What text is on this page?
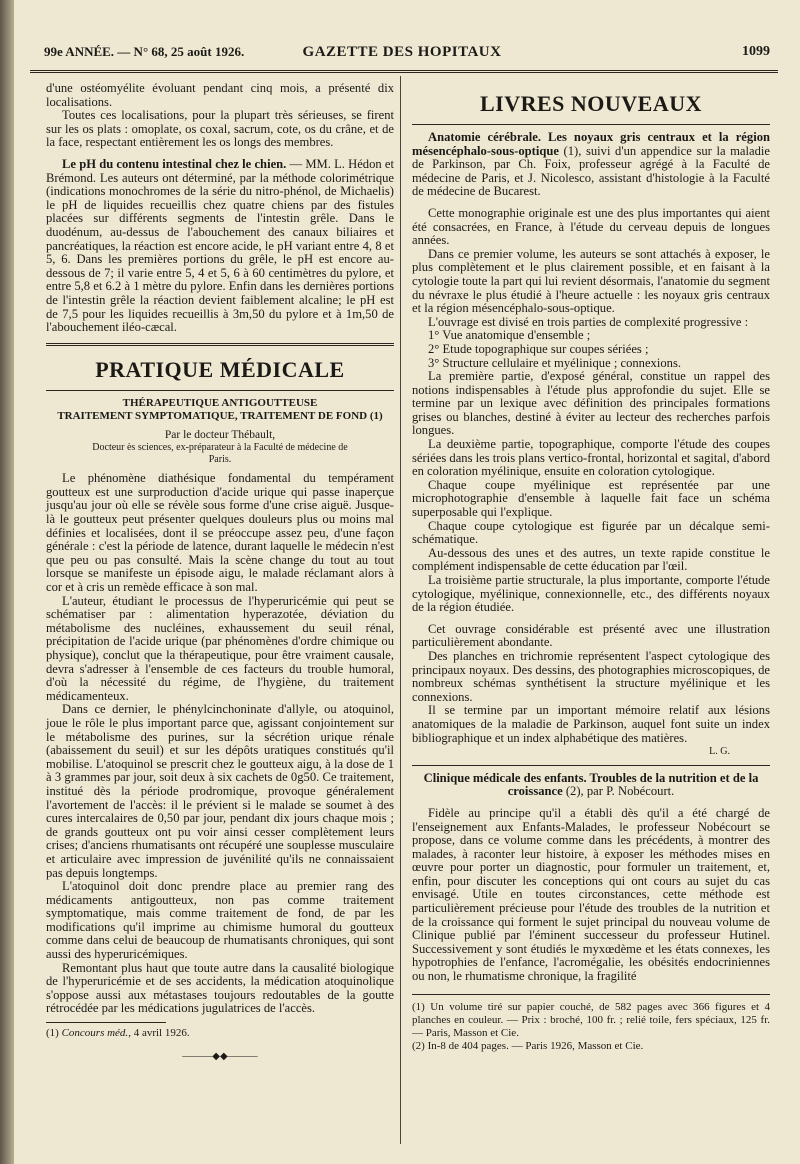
99e ANNÉE. — N° 68, 25 août 1926.	GAZETTE DES HOPITAUX	1099

d'une ostéomyélite évoluant pendant cinq mois, a présenté dix localisations.

Toutes ces localisations, pour la plupart très sérieuses, se firent sur les os plats : omoplate, os coxal, sacrum, cote, os du crâne, et de la face, respectant entièrement les os longs des membres.

Le pH du contenu intestinal chez le chien. — MM. L. Hédon et Brémond. Les auteurs ont déterminé, par la méthode colorimétrique (indications monochromes de la série du nitro-phénol, de Michaelis) le pH de liquides recueillis chez quatre chiens par des fistules placées sur différents segments de l'intestin grêle. Dans le duodénum, au-dessus de l'abouchement des canaux biliaires et pancréatiques, la réaction est encore acide, le pH variant entre 4, 8 et 5, 6. Dans les premières portions du grêle, le pH est encore au-dessous de 7; il varie entre 5, 4 et 5, 6 à 60 centimètres du pylore, et entre 5,8 et 6.2 à 1 mètre du pylore. Enfin dans les dernières portions de l'intestin grêle la réaction devient faiblement alcaline; le pH est de 7,5 pour les liquides recueillis à 3m,50 du pylore et à 1m,50 de l'abouchement iléo-cæcal.

PRATIQUE MÉDICALE
THÉRAPEUTIQUE ANTIGOUTTEUSE
TRAITEMENT SYMPTOMATIQUE, TRAITEMENT DE FOND (1)
Par le docteur Thébault,
Docteur ès sciences, ex-préparateur à la Faculté de médecine de Paris.

Le phénomène diathésique fondamental du tempérament goutteux est une surproduction d'acide urique qui passe inaperçue jusqu'au jour où elle se révèle sous forme d'une crise aiguë. Jusque-là le goutteux peut présenter quelques douleurs plus ou moins mal définies et localisées, dont il se préoccupe assez peu, d'une façon générale : c'est la période de latence, durant laquelle le médecin n'est que peu ou pas consulté. Mais la scène change du tout au tout lorsque se manifeste un épisode aigu, le malade réclamant alors à cor et à cris un remède efficace à son mal.

L'auteur, étudiant le processus de l'hyperuricémie qui peut se schématiser par : alimentation hyperazotée, déviation du métabolisme des nucléines, exhaussement du seuil rénal, précipitation de l'acide urique (par phénomènes d'ordre chimique ou physique), conclut que la thérapeutique, pour être vraiment causale, devra s'adresser à l'ensemble de ces facteurs du trouble humoral, d'où la nécessité du régime, de l'hygiène, du traitement médicamenteux.

Dans ce dernier, le phénylcinchoninate d'allyle, ou atoquinol, joue le rôle le plus important parce que, agissant conjointement sur le métabolisme des purines, sur la sécrétion urique rénale (abaissement du seuil) et sur les dépôts uratiques constitués qu'il mobilise. L'atoquinol se prescrit chez le goutteux aigu, à la dose de 1 à 3 grammes par jour, soit deux à six cachets de 0g50. Ce traitement, institué dès la période prodromique, provoque généralement l'avortement de l'accès: il le prévient si le malade se soumet à des cures intercalaires de 0,50 par jour, pendant dix jours chaque mois ; de grands goutteux ont pu voir ainsi cesser complètement leurs crises; d'anciens rhumatisants ont récupéré une souplesse musculaire et articulaire avec impression de juvénilité qu'ils ne connaissaient pas depuis longtemps.

L'atoquinol doit donc prendre place au premier rang des médicaments antigoutteux, non pas comme traitement symptomatique, mais comme traitement de fond, de par les modifications qu'il imprime au chimisme humoral du goutteux comme dans celui de beaucoup de rhumatisants chroniques, qui sont aussi des hyperuricémiques.

Remontant plus haut que toute autre dans la causalité biologique de l'hyperuricémie et de ses accidents, la médication atoquinolique s'oppose aussi aux métastases toujours redoutables de la goutte rétrocédée par les médications jugulatrices de l'accès.

(1) Concours méd., 4 avril 1926.

———◆◆———
LIVRES NOUVEAUX

Anatomie cérébrale. Les noyaux gris centraux et la région mésencéphalo-sous-optique (1), suivi d'un appendice sur la maladie de Parkinson, par Ch. Foix, professeur agrégé à la Faculté de médecine de Paris, et J. Nicolesco, assistant d'histologie à la Faculté de médecine de Bucarest.

Cette monographie originale est une des plus importantes qui aient été consacrées, en France, à l'étude du cerveau depuis de longues années.

Dans ce premier volume, les auteurs se sont attachés à exposer, le plus complètement et le plus clairement possible, et en faisant à la cytologie toute la part qui lui revient désormais, l'anatomie du segment du névraxe le plus étudié à l'heure actuelle : les noyaux gris centraux et la région mésencéphalo-sous-optique.

L'ouvrage est divisé en trois parties de complexité progressive :

1° Vue anatomique d'ensemble ;

2° Etude topographique sur coupes sériées ;

3° Structure cellulaire et myélinique ; connexions.

La première partie, d'exposé général, constitue un rappel des notions indispensables à l'étude plus approfondie du sujet. Elle se termine par un lexique avec définition des principales formations grises ou blanches, destiné à éviter au lecteur des recherches parfois longues.

La deuxième partie, topographique, comporte l'étude des coupes sériées dans les trois plans vertico-frontal, horizontal et sagital, d'abord en coloration myélinique, ensuite en coloration cytologique.

Chaque coupe myélinique est représentée par une microphotographie d'ensemble à laquelle fait face un schéma superposable qui l'explique.

Chaque coupe cytologique est figurée par un décalque semi-schématique.

Au-dessous des unes et des autres, un texte rapide constitue le complément indispensable de cette éducation par l'œil.

La troisième partie structurale, la plus importante, comporte l'étude cytologique, myélinique, connexionnelle, etc., des différents noyaux de la région étudiée.

Cet ouvrage considérable est présenté avec une illustration particulièrement abondante.

Des planches en trichromie représentent l'aspect cytologique des principaux noyaux. Des dessins, des photographies microscopiques, de nombreux schémas synthétisent la structure myélinique et les connexions.

Il se termine par un important mémoire relatif aux lésions anatomiques de la maladie de Parkinson, auquel font suite un index bibliographique et un index alphabétique des matières.

L. G.

Clinique médicale des enfants. Troubles de la nutrition et de la croissance (2), par P. Nobécourt.

Fidèle au principe qu'il a établi dès qu'il a été chargé de l'enseignement aux Enfants-Malades, le professeur Nobécourt se propose, dans ce volume comme dans les précédents, à montrer des malades, à raconter leur histoire, à exposer les méthodes mises en œuvre pour porter un diagnostic, pour formuler un traitement, et, enfin, pour discuter les conceptions qui ont cours au sujet du cas envisagé. Utile en toutes circonstances, cette méthode est particulièrement précieuse pour l'étude des troubles de la nutrition et de la croissance qui forment le sujet principal du nouveau volume de Clinique publié par l'éminent successeur du professeur Hutinel. Successivement y sont étudiés le myxœdème et les états connexes, les hypotrophies de l'enfance, l'acromégalie, les obésités endocriniennes ou non, le rhumatisme chronique, la fragilité

(1) Un volume tiré sur papier couché, de 582 pages avec 366 figures et 4 planches en couleur. — Prix : broché, 100 fr. ; relié toile, fers spéciaux, 125 fr. — Paris, Masson et Cie.

(2) In-8 de 404 pages. — Paris 1926, Masson et Cie.
